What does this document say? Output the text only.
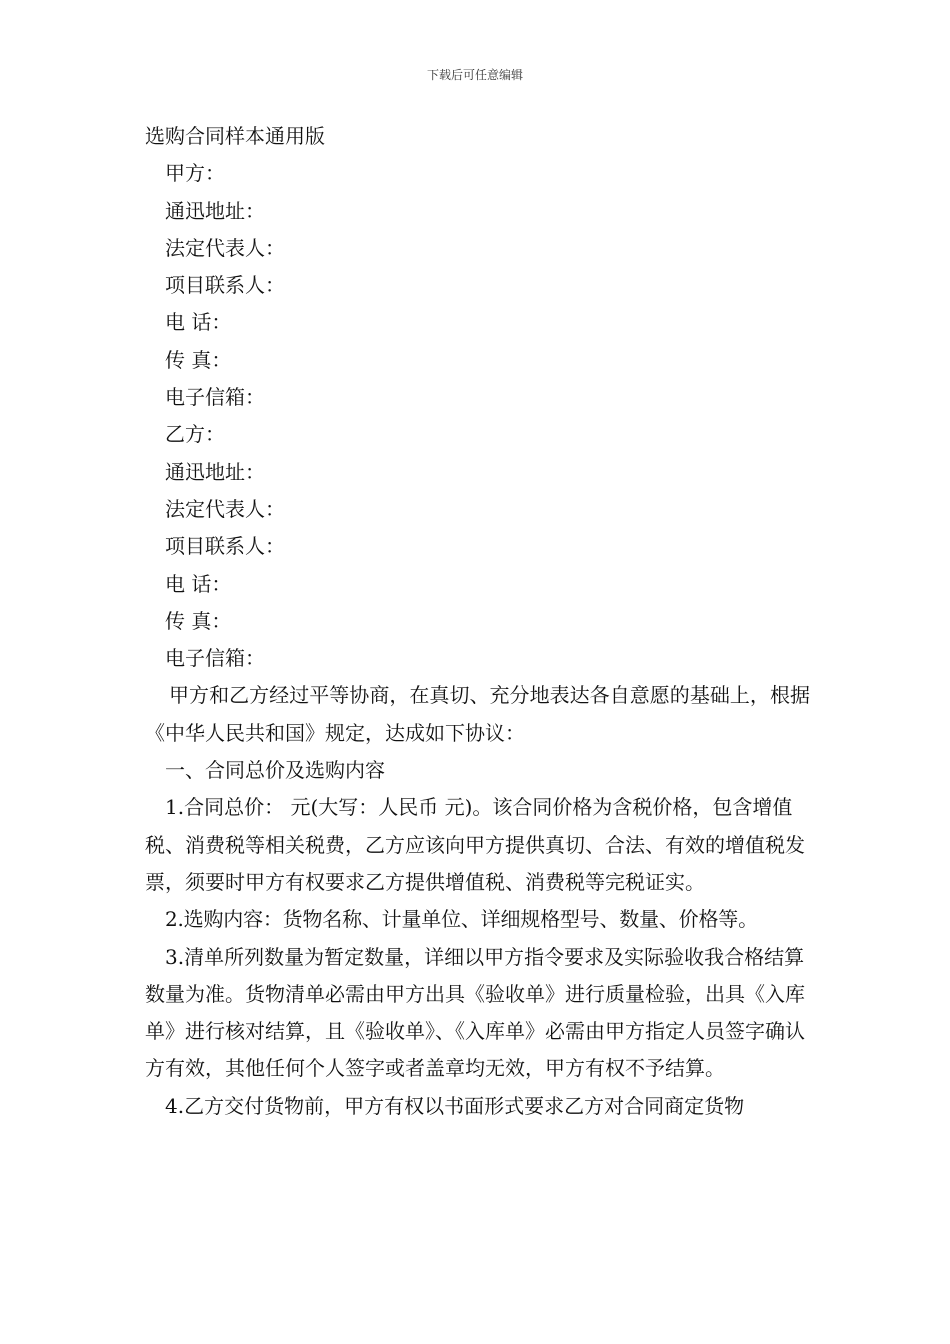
下载后可任意编辑

选购合同样本通用版

甲方：

通迅地址：

法定代表人：

项目联系人：

电 话：

传 真：

电子信箱：

乙方：

通迅地址：

法定代表人：

项目联系人：

电 话：

传 真：

电子信箱：

甲方和乙方经过平等协商，在真切、充分地表达各自意愿的基础上，根据《中华人民共和国》规定，达成如下协议：

一、合同总价及选购内容

1.合同总价： 元(大写：人民币 元)。该合同价格为含税价格，包含增值税、消费税等相关税费，乙方应该向甲方提供真切、合法、有效的增值税发票，须要时甲方有权要求乙方提供增值税、消费税等完税证实。

2.选购内容：货物名称、计量单位、详细规格型号、数量、价格等。

3.清单所列数量为暂定数量，详细以甲方指令要求及实际验收我合格结算数量为准。货物清单必需由甲方出具《验收单》进行质量检验，出具《入库单》进行核对结算，且《验收单》、《入库单》必需由甲方指定人员签字确认方有效，其他任何个人签字或者盖章均无效，甲方有权不予结算。

4.乙方交付货物前，甲方有权以书面形式要求乙方对合同商定货物
